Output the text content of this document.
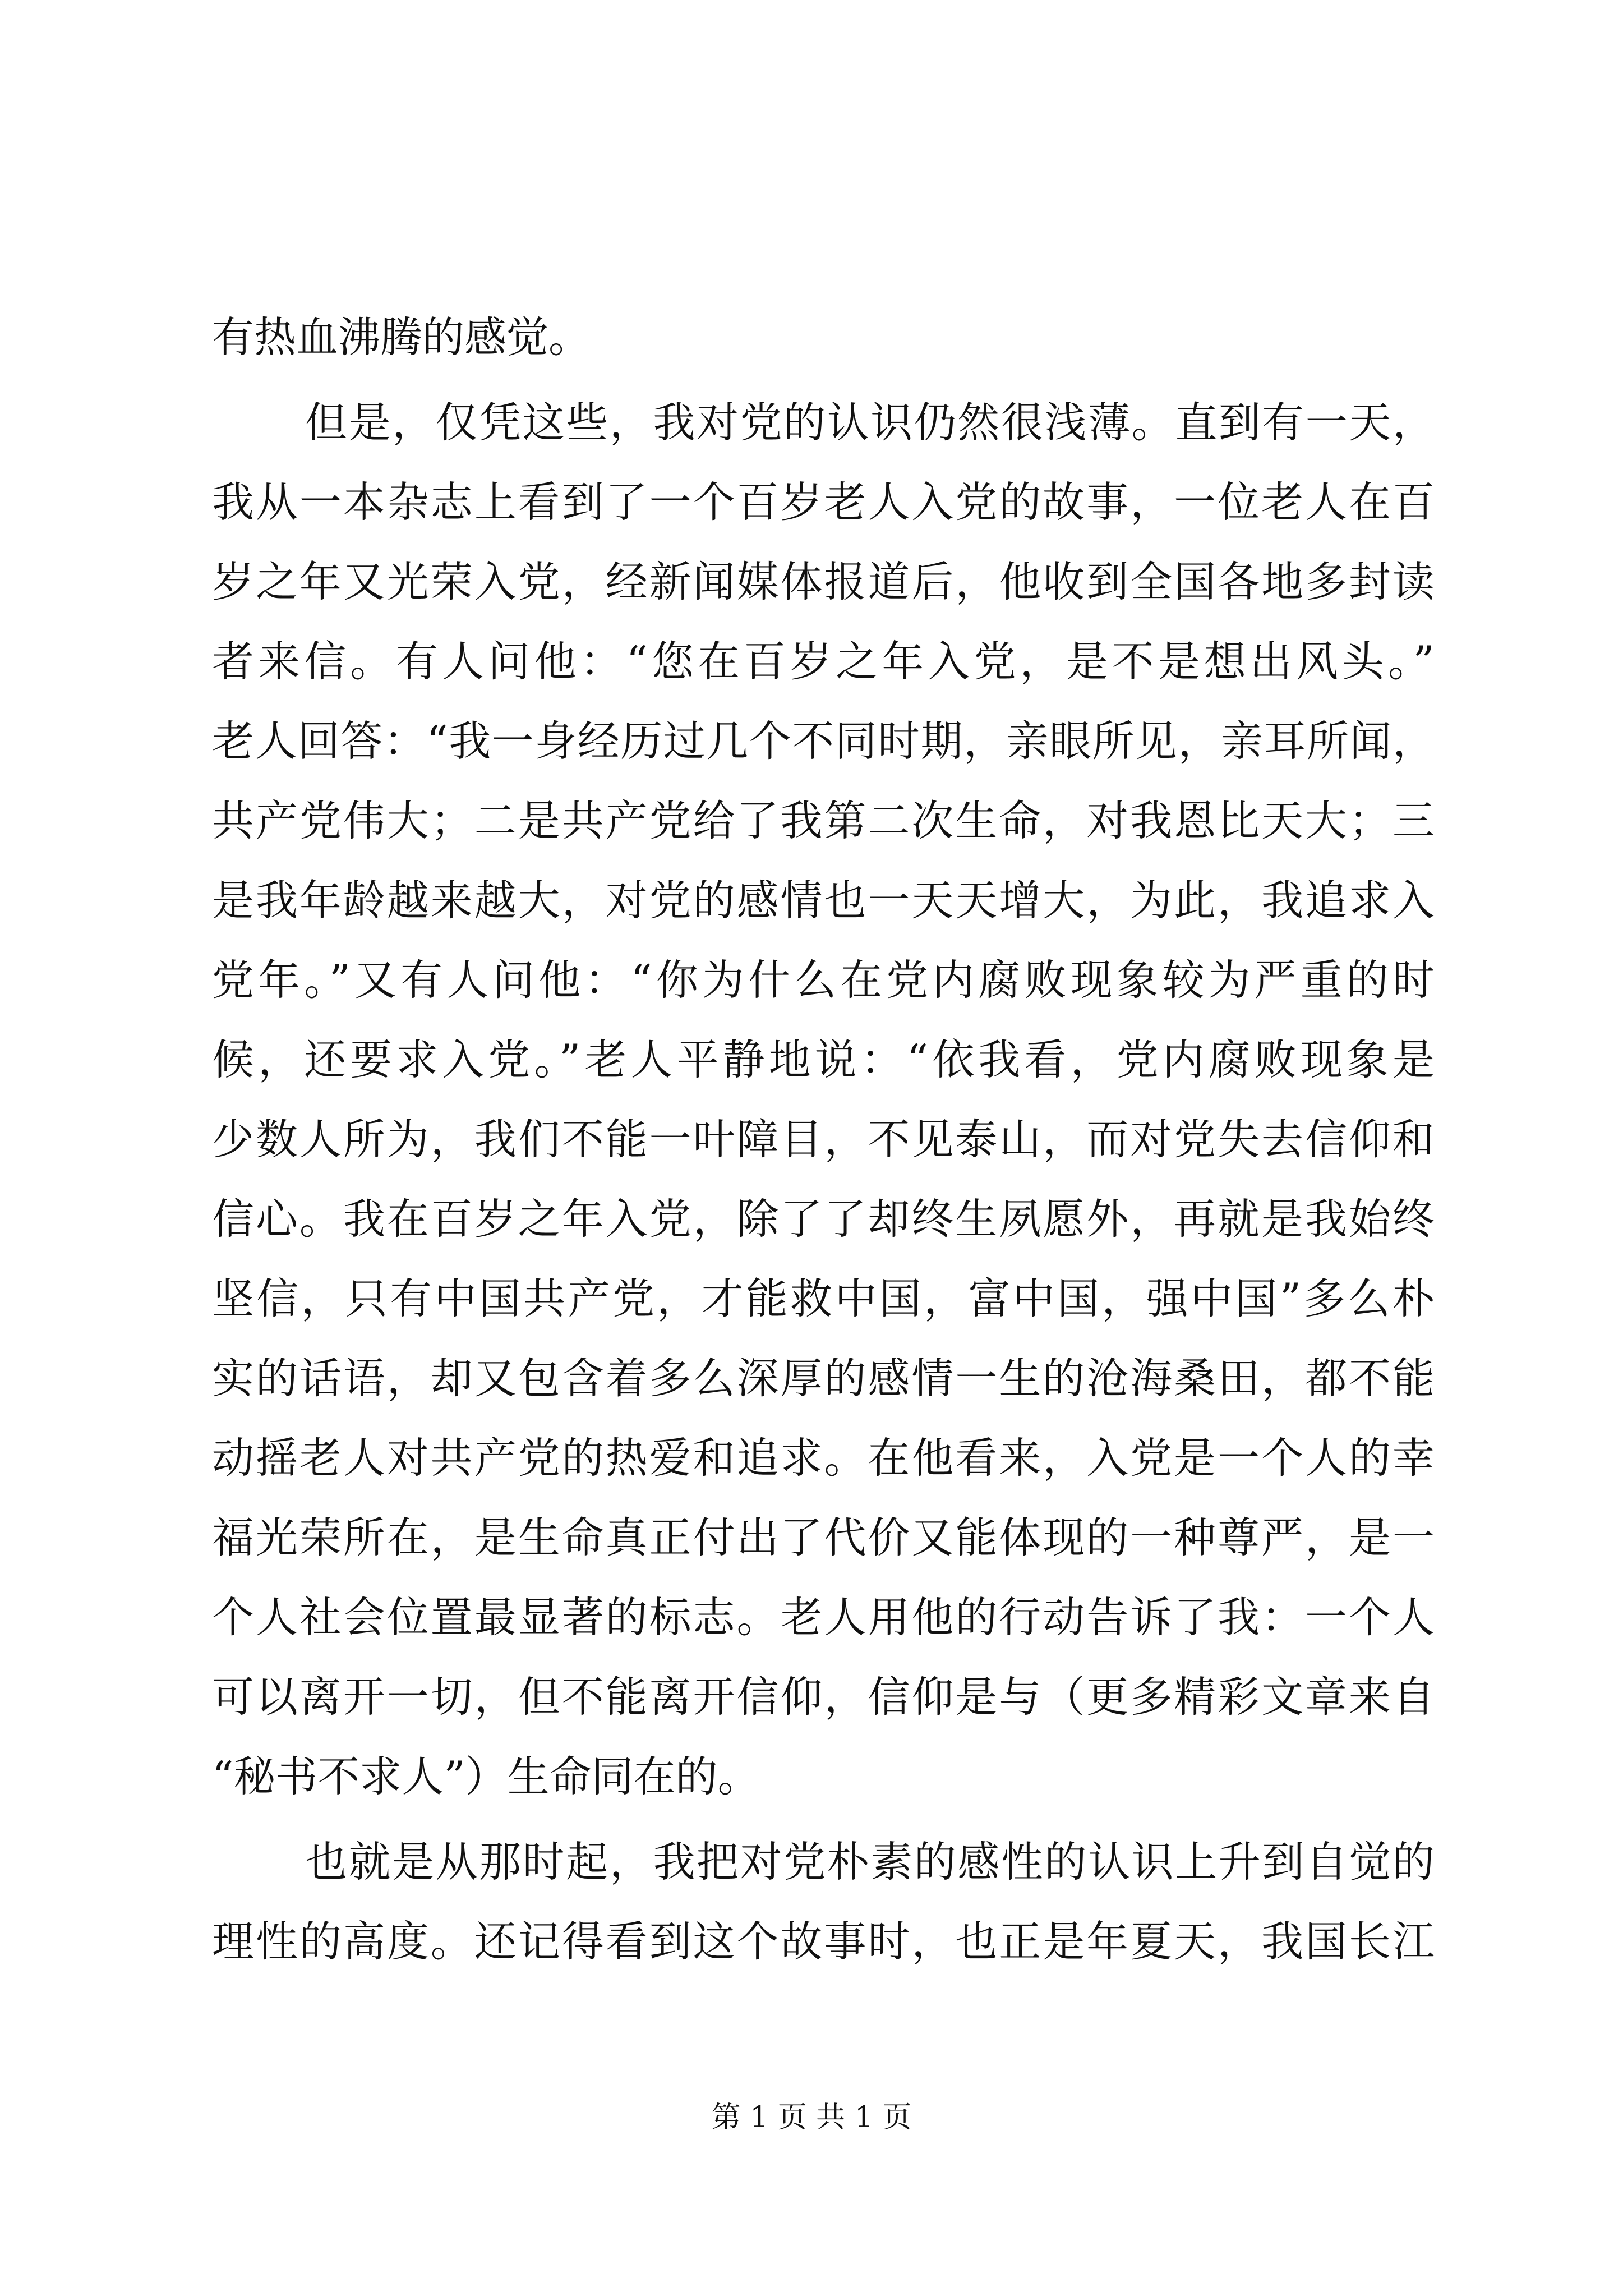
有热血沸腾的感觉。
但是，仅凭这些，我对党的认识仍然很浅薄。直到有一天，
我从一本杂志上看到了一个百岁老人入党的故事，一位老人在百
岁之年又光荣入党，经新闻媒体报道后，他收到全国各地多封读
者来信。有人问他：“您在百岁之年入党，是不是想出风头。”
老人回答：“我一身经历过几个不同时期，亲眼所见，亲耳所闻，
共产党伟大；二是共产党给了我第二次生命，对我恩比天大；三
是我年龄越来越大，对党的感情也一天天增大，为此，我追求入
党年。”又有人问他：“你为什么在党内腐败现象较为严重的时
候，还要求入党。”老人平静地说：“依我看，党内腐败现象是
少数人所为，我们不能一叶障目，不见泰山，而对党失去信仰和
信心。我在百岁之年入党，除了了却终生夙愿外，再就是我始终
坚信，只有中国共产党，才能救中国，富中国，强中国”多么朴
实的话语，却又包含着多么深厚的感情一生的沧海桑田，都不能
动摇老人对共产党的热爱和追求。在他看来，入党是一个人的幸
福光荣所在，是生命真正付出了代价又能体现的一种尊严，是一
个人社会位置最显著的标志。老人用他的行动告诉了我：一个人
可以离开一切，但不能离开信仰，信仰是与（更多精彩文章来自
“秘书不求人”）生命同在的。
也就是从那时起，我把对党朴素的感性的认识上升到自觉的
理性的高度。还记得看到这个故事时，也正是年夏天，我国长江
第 1 页 共 1 页
